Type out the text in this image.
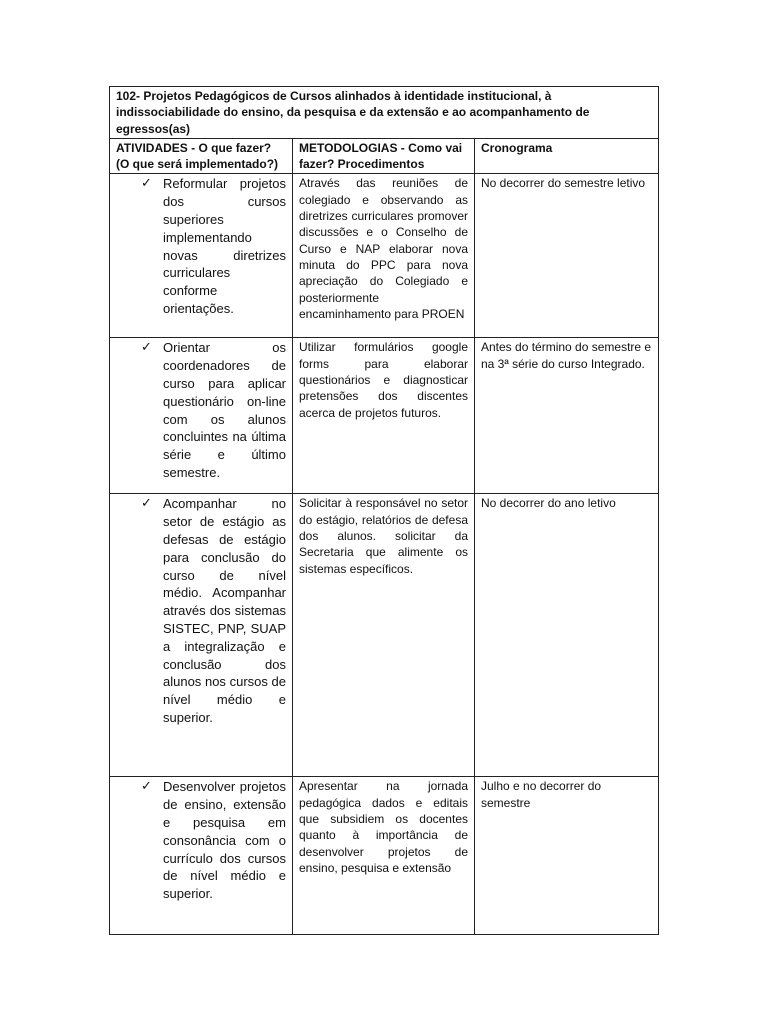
102- Projetos Pedagógicos de Cursos alinhados à identidade institucional, à indissociabilidade do ensino, da pesquisa e da extensão e ao acompanhamento de egressos(as)		
ATIVIDADES - O que fazer? (O que será implementado?)	METODOLOGIAS - Como vai fazer? Procedimentos	Cronograma

✓ Reformular projetos dos cursos superiores implementando novas diretrizes curriculares conforme orientações.	Através das reuniões de colegiado e observando as diretrizes curriculares promover discussões e o Conselho de Curso e NAP elaborar nova minuta do PPC para nova apreciação do Colegiado e posteriormente encaminhamento para PROEN	No decorrer do semestre letivo

✓ Orientar os coordenadores de curso para aplicar questionário on-line com os alunos concluintes na última série e último semestre.	Utilizar formulários google forms para elaborar questionários e diagnosticar pretensões dos discentes acerca de projetos futuros.	Antes do término do semestre e na 3ª série do curso Integrado.

✓ Acompanhar no setor de estágio as defesas de estágio para conclusão do curso de nível médio. Acompanhar através dos sistemas SISTEC, PNP, SUAP a integralização e conclusão dos alunos nos cursos de nível médio e superior.	Solicitar à responsável no setor do estágio, relatórios de defesa dos alunos. solicitar da Secretaria que alimente os sistemas específicos.	No decorrer do ano letivo

✓ Desenvolver projetos de ensino, extensão e pesquisa em consonância com o currículo dos cursos de nível médio e superior.	Apresentar na jornada pedagógica dados e editais que subsidiem os docentes quanto à importância de desenvolver projetos de ensino, pesquisa e extensão	Julho e no decorrer do semestre
